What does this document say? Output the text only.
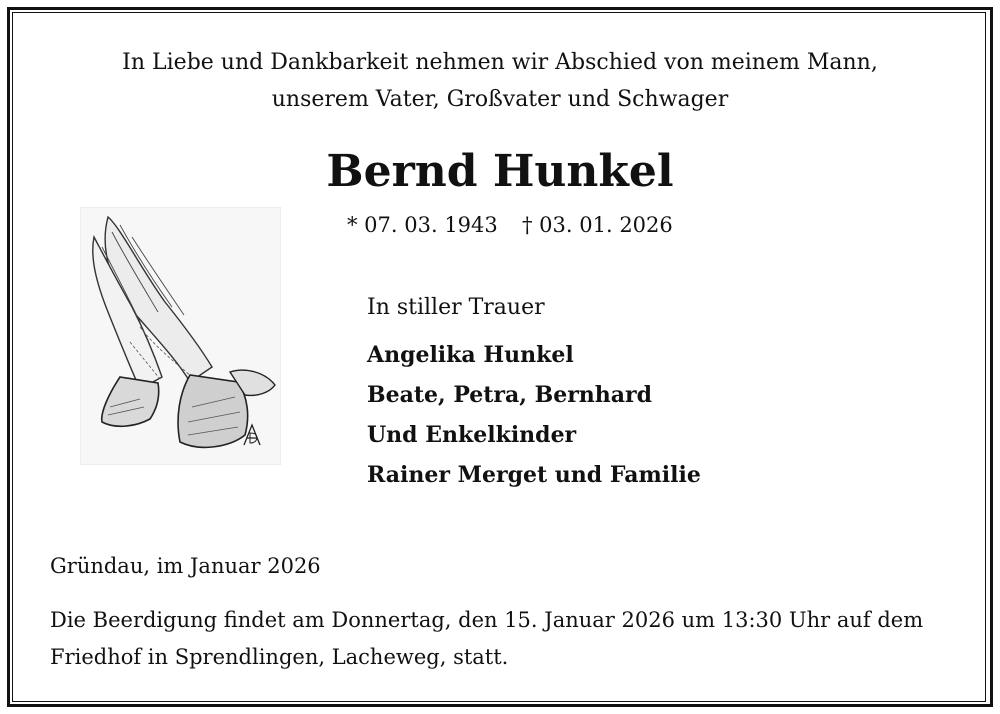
In Liebe und Dankbarkeit nehmen wir Abschied von meinem Mann,
unserem Vater, Großvater und Schwager
Bernd Hunkel
* 07. 03. 1943 † 03. 01. 2026
In stiller Trauer
Angelika Hunkel
Beate, Petra, Bernhard
Und Enkelkinder
Rainer Merget und Familie
Gründau, im Januar 2026
Die Beerdigung findet am Donnertag, den 15. Januar 2026 um 13:30 Uhr auf dem Friedhof in Sprendlingen, Lacheweg, statt.
